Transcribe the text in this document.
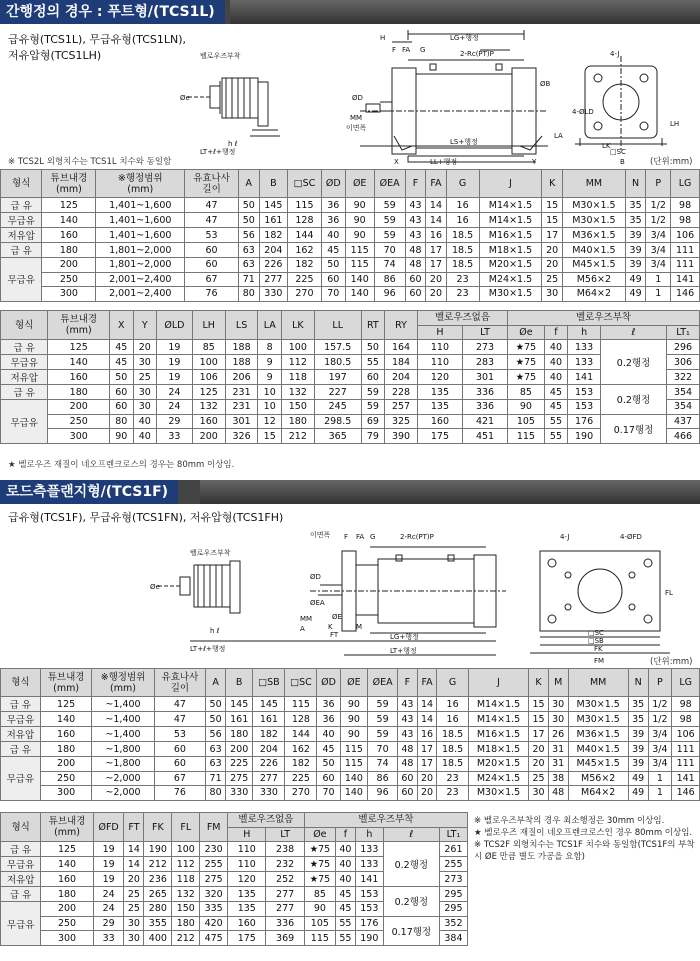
간행정의 경우 : 푸트형/(TCS1L)
급유형(TCS1L), 무급유형(TCS1LN),
저유압형(TCS1LH)
H	LG+행정
2-Rc(PT)P	4-J
4-ØLD
MM
이면폭
벨로우즈부착
LS+행정
LT+ℓ+행정
LL+행정
□SC
LK
B
Øe
h ℓ
F FA G
ØD
X	Y
LA
LH
ØB
※ TCS2L 외형치수는 TCS1L 치수와 동일함	(단위:mm)
형식	튜브내경
(mm)	※행정범위
(mm)	유효나사
길이	A	B	□SC	ØD	ØE	ØEA	F	FA	G	J	K	MM	N	P	LG
급 유	125	1,401~1,600	47	50	145	115	36	90	59	43	14	16	M14×1.5	15	M30×1.5	35	1/2	98
무급유	140	1,401~1,600	47	50	161	128	36	90	59	43	14	16	M14×1.5	15	M30×1.5	35	1/2	98
저유압	160	1,401~1,600	53	56	182	144	40	90	59	43	16	18.5	M16×1.5	17	M36×1.5	39	3/4	106
급 유	180	1,801~2,000	60	63	204	162	45	115	70	48	17	18.5	M18×1.5	20	M40×1.5	39	3/4	111
무급유	200	1,801~2,000	60	63	226	182	50	115	74	48	17	18.5	M20×1.5	20	M45×1.5	39	3/4	111
	250	2,001~2,400	67	71	277	225	60	140	86	60	20	23	M24×1.5	25	M56×2	49	1	141
	300	2,001~2,400	76	80	330	270	70	140	96	60	20	23	M30×1.5	30	M64×2	49	1	146
형식	튜브내경
(mm)	X	Y	ØLD	LH	LS	LA	LK	LL	RT	RY	벨로우즈없음		벨로우즈부착				
												H	LT	Øe	f	h	ℓ	LT₁
급 유	125	45	20	19	85	188	8	100	157.5	50	164	110	273	★75	40	133	0.2행정	296
무급유	140	45	30	19	100	188	9	112	180.5	55	184	110	283	★75	40	133		306
저유압	160	50	25	19	106	206	9	118	197	60	204	120	301	★75	40	141		322
급 유	180	60	30	24	125	231	10	132	227	59	228	135	336	85	45	153	0.2행정	354
무급유	200	60	30	24	132	231	10	150	245	59	257	135	336	90	45	153		354
	250	80	40	29	160	301	12	180	298.5	69	325	160	421	105	55	176	0.17행정	437
	300	90	40	33	200	326	15	212	365	79	390	175	451	115	55	190		466
★ 벨로우즈 재질이 네오프렌크로스의 경우는 80mm 이상임.
로드측플랜지형/(TCS1F)
급유형(TCS1F), 무급유형(TCS1FN), 저유압형(TCS1FH)
이면폭 F FA G	2-Rc(PT)P	4-J	4-ØFD
FT
벨로우즈부착
h ℓ
LT+ℓ+행정
LG+행정
LT+행정
□SC
□SB
FK
FM
FL
Øe
ØEA
ØD
ØE
MM
A	K	M
(단위:mm)
형식	튜브내경
(mm)	※행정범위
(mm)	유효나사
길이	A	B	□SB	□SC	ØD	ØE	ØEA	F	FA	G	J	K	M	MM	N	P	LG
급 유	125	~1,400	47	50	145	145	115	36	90	59	43	14	16	M14×1.5	15	30	M30×1.5	35	1/2	98
무급유	140	~1,400	47	50	161	161	128	36	90	59	43	14	16	M14×1.5	15	30	M30×1.5	35	1/2	98
저유압	160	~1,400	53	56	180	182	144	40	90	59	43	16	18.5	M16×1.5	17	26	M36×1.5	39	3/4	106
급 유	180	~1,800	60	63	200	204	162	45	115	70	48	17	18.5	M18×1.5	20	31	M40×1.5	39	3/4	111
무급유	200	~1,800	60	63	225	226	182	50	115	74	48	17	18.5	M20×1.5	20	31	M45×1.5	39	3/4	111
	250	~2,000	67	71	275	277	225	60	140	86	60	20	23	M24×1.5	25	38	M56×2	49	1	141
	300	~2,000	76	80	330	330	270	70	140	96	60	20	23	M30×1.5	30	48	M64×2	49	1	146
형식	튜브내경
(mm)	ØFD	FT	FK	FL	FM	벨로우즈없음		벨로우즈부착				
							H	LT	Øe	f	h	ℓ	LT₁
급 유	125	19	14	190	100	230	110	238	★75	40	133	0.2행정	261
무급유	140	19	14	212	112	255	110	232	★75	40	133		255
저유압	160	19	20	236	118	275	120	252	★75	40	141		273
급 유	180	24	25	265	132	320	135	277	85	45	153	0.2행정	295
무급유	200	24	25	280	150	335	135	277	90	45	153		295
	250	29	30	355	180	420	160	336	105	55	176	0.17행정	352
	300	33	30	400	212	475	175	369	115	55	190		384
※ 벨로우즈부착의 경우 최소행정은 30mm 이상임.
★ 벨로우즈 재질이 네오프렌크로스인 경우 80mm 이상임.
※ TCS2F 외형치수는 TCS1F 치수와 동일함(TCS1F의 부착시 ØE 만큼 별도 가공을 요함)
